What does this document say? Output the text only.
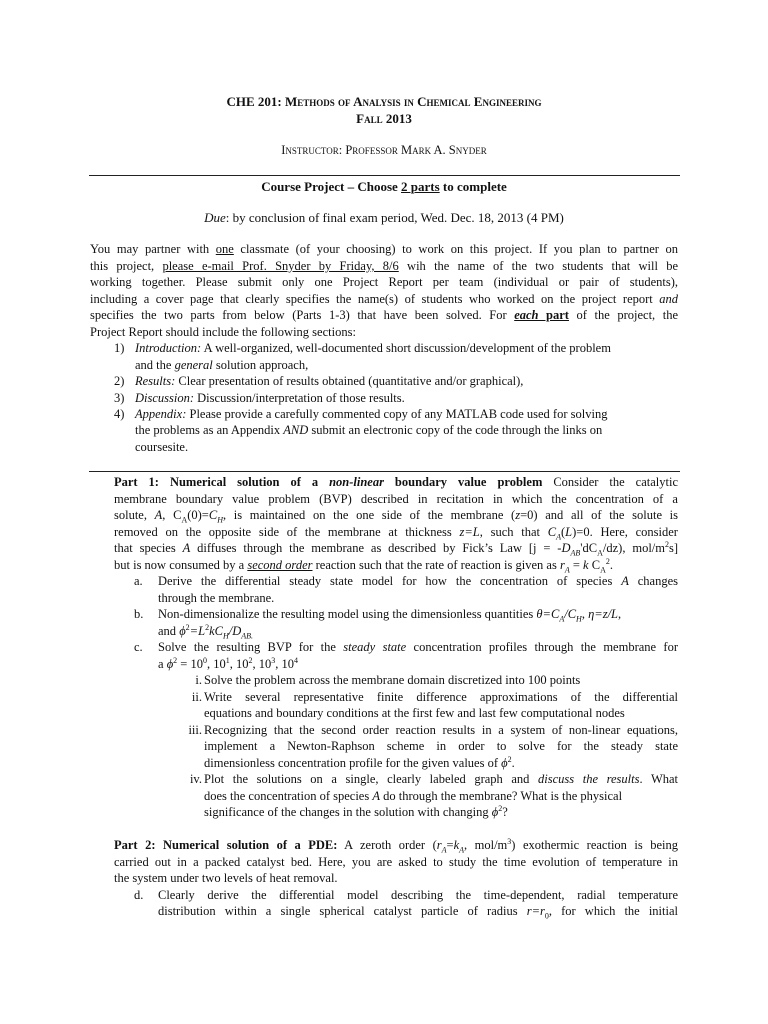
CHE 201: Methods of Analysis in Chemical Engineering
Fall 2013
Instructor: Professor Mark A. Snyder
Course Project – Choose 2 parts to complete
Due: by conclusion of final exam period, Wed. Dec. 18, 2013 (4 PM)
You may partner with one classmate (of your choosing) to work on this project. If you plan to partner on
this project, please e-mail Prof. Snyder by Friday, 8/6 wih the name of the two students that will be
working together. Please submit only one Project Report per team (individual or pair of students),
including a cover page that clearly specifies the name(s) of students who worked on the project report and
specifies the two parts from below (Parts 1-3) that have been solved. For each part of the project, the
Project Report should include the following sections:
1) Introduction: A well-organized, well-documented short discussion/development of the problem
and the general solution approach,
2) Results: Clear presentation of results obtained (quantitative and/or graphical),
3) Discussion: Discussion/interpretation of those results.
4) Appendix: Please provide a carefully commented copy of any MATLAB code used for solving
the problems as an Appendix AND submit an electronic copy of the code through the links on
coursesite.
Part 1: Numerical solution of a non-linear boundary value problem Consider the catalytic
membrane boundary value problem (BVP) described in recitation in which the concentration of a
solute, A, $C_A(0)=C_H$, is maintained on the one side of the membrane (z=0) and all of the solute is
removed on the opposite side of the membrane at thickness z=L, such that $C_A(L)=0$. Here, consider
that species A diffuses through the membrane as described by Fick’s Law $[j = -D_{AB}'dC_A/dz)$, mol/$m^2s$]
but is now consumed by a second order reaction such that the rate of reaction is given as $r_A = k$ $C_A^2$.
a. Derive the differential steady state model for how the concentration of species A changes
through the membrane.
b. Non-dimensionalize the resulting model using the dimensionless quantities $\theta=C_A/C_H$, η=z/L,
and $\phi^2=L^2kC_H/D_{AB.}$
c. Solve the resulting BVP for the steady state concentration profiles through the membrane for
a $\phi^2 = 10^0$, $10^1$, $10^2$, $10^3$, $10^4$
i. Solve the problem across the membrane domain discretized into 100 points
ii. Write several representative finite difference approximations of the differential
equations and boundary conditions at the first few and last few computational nodes
iii. Recognizing that the second order reaction results in a system of non-linear equations,
implement a Newton-Raphson scheme in order to solve for the steady state
dimensionless concentration profile for the given values of $\phi^2$.
iv. Plot the solutions on a single, clearly labeled graph and discuss the results. What
does the concentration of species A do through the membrane? What is the physical
significance of the changes in the solution with changing $\phi^2$?
Part 2: Numerical solution of a PDE: A zeroth order ($r_A=k_A$, mol/$m^3$) exothermic reaction is being
carried out in a packed catalyst bed. Here, you are asked to study the time evolution of temperature in
the system under two levels of heat removal.
d. Clearly derive the differential model describing the time-dependent, radial temperature
distribution within a single spherical catalyst particle of radius $r=r_0$, for which the initial
